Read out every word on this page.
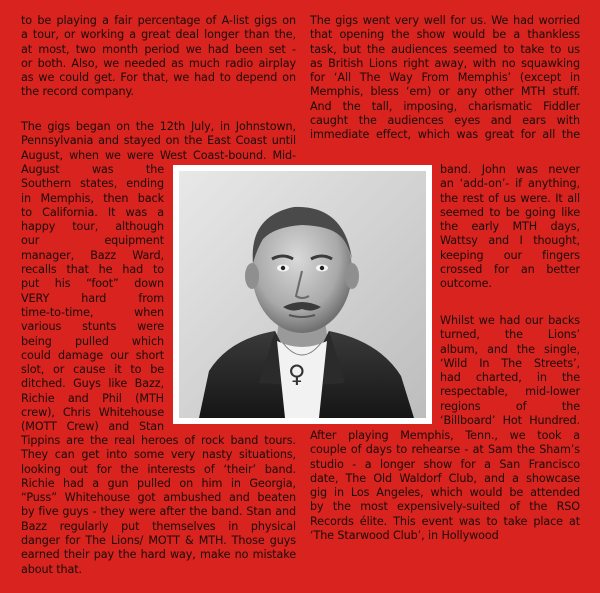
to be playing a fair percentage of A-list gigs on
a tour, or working a great deal longer than the,
at most, two month period we had been set -
or both. Also, we needed as much radio airplay
as we could get. For that, we had to depend on
the record company.
The gigs began on the 12th July, in Johnstown,
Pennsylvania and stayed on the East Coast until
August, when we were West Coast-bound. Mid-
August was the
Southern states, ending
in Memphis, then back
to California. It was a
happy tour, although
our equipment
manager, Bazz Ward,
recalls that he had to
put his “foot” down
VERY hard from
time-to-time, when
various stunts were
being pulled which
could damage our short
slot, or cause it to be
ditched. Guys like Bazz,
Richie and Phil (MTH
crew), Chris Whitehouse
(MOTT Crew) and Stan
Tippins are the real heroes of rock band tours.
They can get into some very nasty situations,
looking out for the interests of ‘their’ band.
Richie had a gun pulled on him in Georgia,
“Puss” Whitehouse got ambushed and beaten
by five guys - they were after the band. Stan and
Bazz regularly put themselves in physical
danger for The Lions/ MOTT & MTH. Those guys
earned their pay the hard way, make no mistake
about that.
The gigs went very well for us. We had worried
that opening the show would be a thankless
task, but the audiences seemed to take to us
as British Lions right away, with no squawking
for ‘All The Way From Memphis’ (except in
Memphis, bless ‘em) or any other MTH stuff.
And the tall, imposing, charismatic Fiddler
caught the audiences eyes and ears with
immediate effect, which was great for all the
band. John was never
an ‘add-on’- if anything,
the rest of us were. It all
seemed to be going like
the early MTH days,
Wattsy and I thought,
keeping our fingers
crossed for an better
outcome.
Whilst we had our backs
turned, the Lions’
album, and the single,
‘Wild In The Streets’,
had charted, in the
respectable, mid-lower
regions of the
‘Billboard’ Hot Hundred.
After playing Memphis, Tenn., we took a
couple of days to rehearse - at Sam the Sham’s
studio - a longer show for a San Francisco
date, The Old Waldorf Club, and a showcase
gig in Los Angeles, which would be attended
by the most expensively-suited of the RSO
Records élite. This event was to take place at
‘The Starwood Club’, in Hollywood
♀
